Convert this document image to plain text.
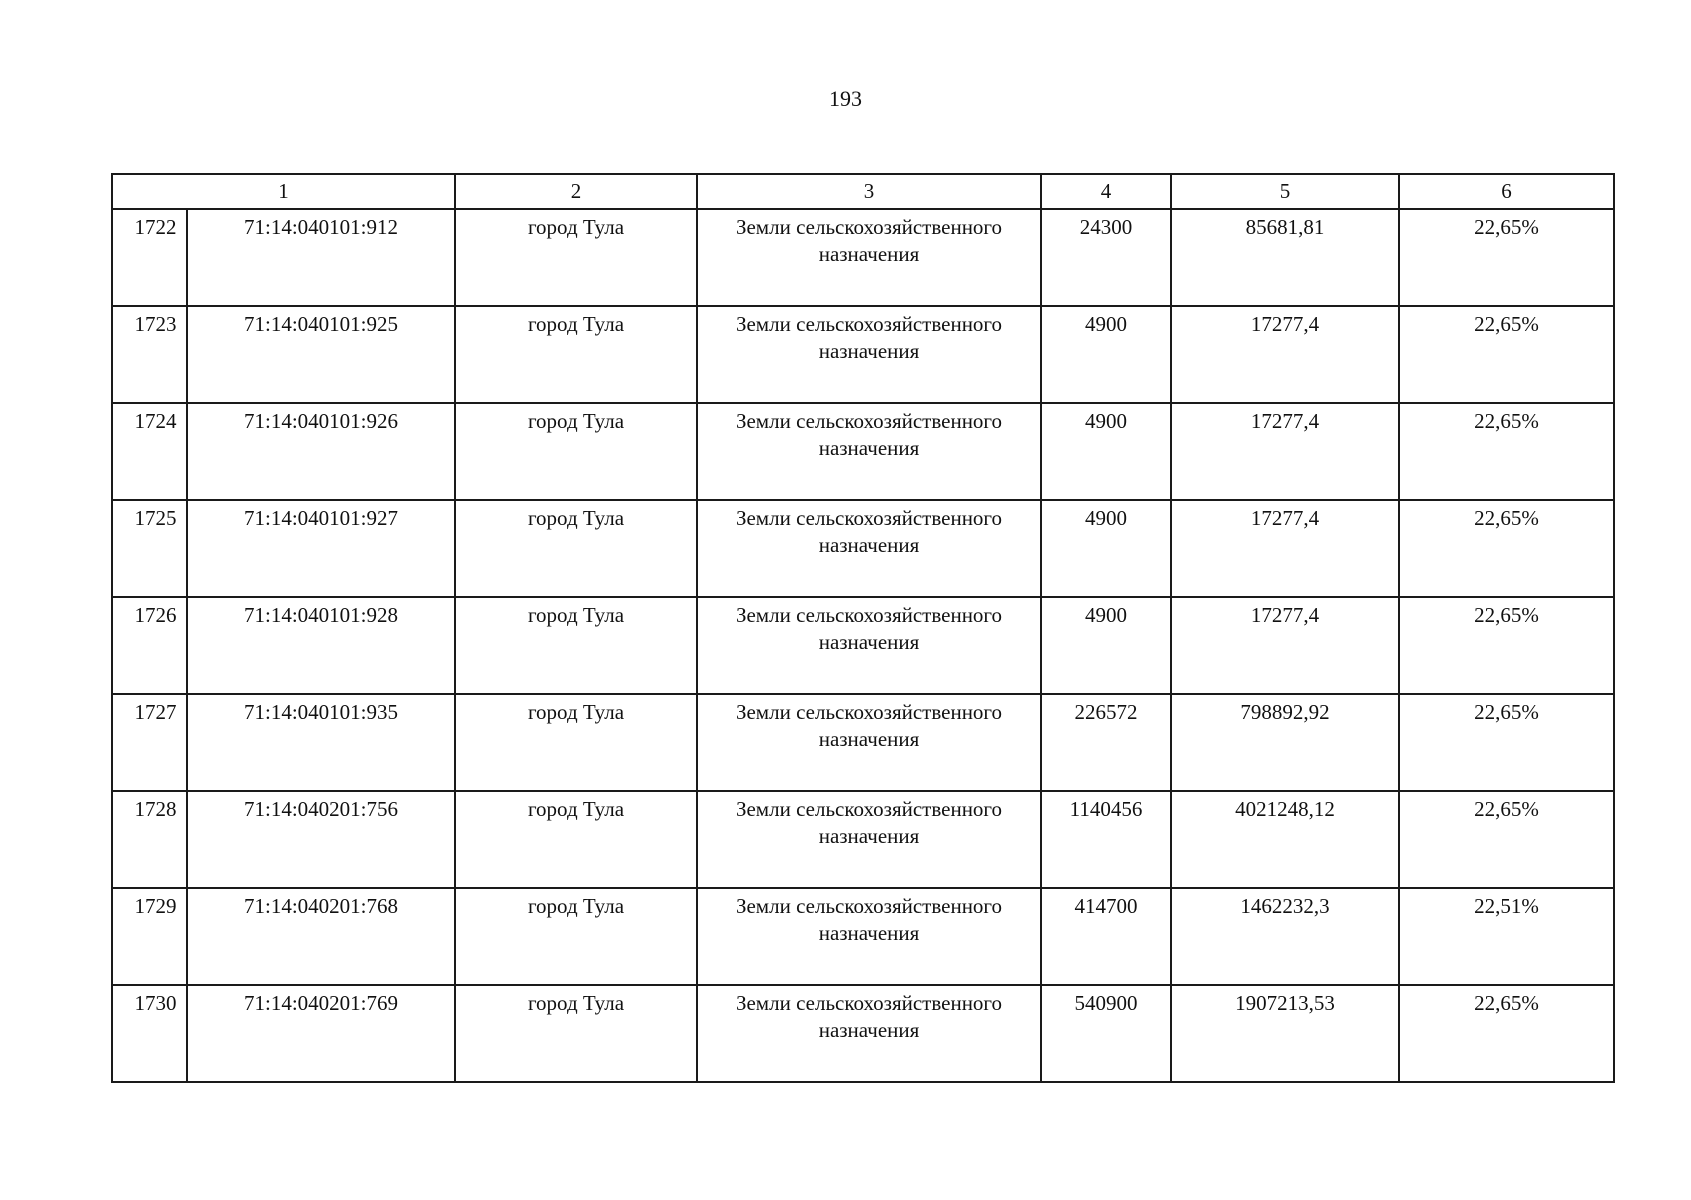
193
1		2	3	4	5	6
1722	71:14:040101:912	город Тула	Земли сельскохозяйственного назначения	24300	85681,81	22,65%
1723	71:14:040101:925	город Тула	Земли сельскохозяйственного назначения	4900	17277,4	22,65%
1724	71:14:040101:926	город Тула	Земли сельскохозяйственного назначения	4900	17277,4	22,65%
1725	71:14:040101:927	город Тула	Земли сельскохозяйственного назначения	4900	17277,4	22,65%
1726	71:14:040101:928	город Тула	Земли сельскохозяйственного назначения	4900	17277,4	22,65%
1727	71:14:040101:935	город Тула	Земли сельскохозяйственного назначения	226572	798892,92	22,65%
1728	71:14:040201:756	город Тула	Земли сельскохозяйственного назначения	1140456	4021248,12	22,65%
1729	71:14:040201:768	город Тула	Земли сельскохозяйственного назначения	414700	1462232,3	22,51%
1730	71:14:040201:769	город Тула	Земли сельскохозяйственного назначения	540900	1907213,53	22,65%
